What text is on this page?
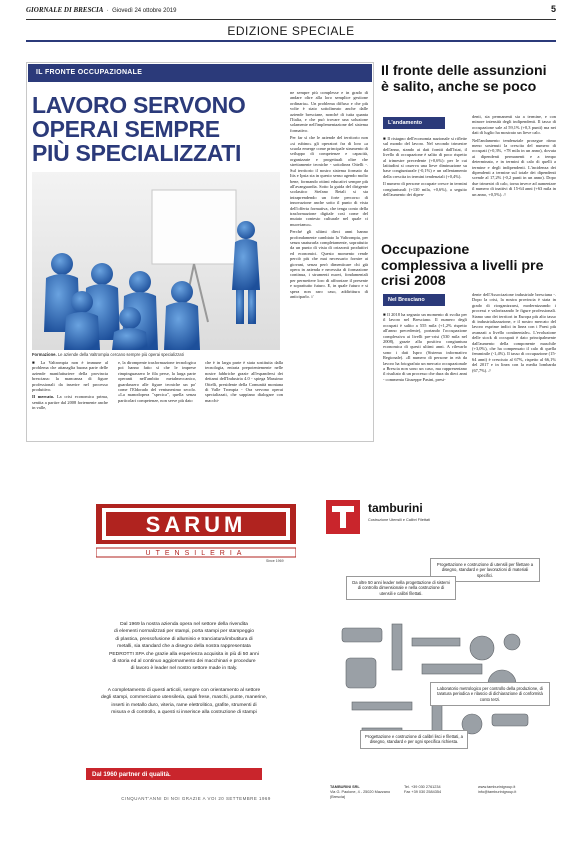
GIORNALE DI BRESCIA  ·  Giovedì 24 ottobre 2019	5
EDIZIONE SPECIALE
IL FRONTE OCCUPAZIONALE
LAVORO SERVONO
OPERAI SEMPRE
PIÙ SPECIALIZZATI
Formazione. Le aziende della Valtrompia cercano sempre più operai specializzati

■ La Valtrompia non è immune al problema che attanaglia buona parte delle aziende manifatturiere della provincia bresciana: la mancanza di figure professionali da inserire nel processo produttivo.

Il mercato. La crisi economica prima, sentita a partire dal 2008 fortemente anche in valle,

e, la dirompente trasformazione tecnologica poi hanno fatto sì che le imprese rimpinguassero le fila perse, la larga parte operanti nell'ambito metalmeccanico, guardassero alle figure tecniche un po' come l'Eldorado del ventunesimo secolo. «La manodopera "specica", quella senza particolari competenze, non serve più dato

che è in larga parte è stata sostituita dalla tecnologia, entrata prepotentemente nelle nostre fabbriche grazie all'espandersi dei dettami dell'Industria 4.0 - spiega Massimo Ottelli, presidente della Comunità montana di Valle Trompia - Ora servono operai specializzati, che sappiano dialogare con macchi-

ne sempre più complesse e in grado di andare oltre alla loro semplice gestione ordinaria». Un problema diffuso e che più volte è stato sottolineato anche dalle aziende bresciane, nonché di tutta quanta l'Italia, e che può trovare una soluzione solamente nell'implementazione del sistema formativo.

Per far sì che le aziende del territorio non «si rubino» gli operatori fra di loro «a scuola emerge come principale strumento di sviluppo di competenze e capacità, organizzate e progettuali oltre che strettamente tecniche - sottolinea Ottelli -. Sul territorio il nostro sistema formato da Itis e Ipsia sta in questo senso agendo molto bene, formando ottimi educativi sempre più all'avanguardia. Sotto la guida del dirigente scolastico Stefano Retali si sta intraprendendo un forte percorso di innovazione anche sotto il punto di vista dell'offerta formativa, che tenga conto della trasformazione digitale così come del mutato contesto culturale nel quale ci muoviamo».

Perché gli ultimi dieci anni hanno profondamente cambiato la Valtrompia, per senza snaturarla completamente, soprattutto da un punto di vista di orizzonti produttivi ed economici. Questo momento rende perciò più che mai necessario fornire ai giovani, senza però dimenticare chi già opera in azienda e necessita di formazione continua, i strumenti nuovi, fondamentali per permettere loro di affrontare il presente e soprattutto futuro. E, in quale futuro e si spera non raro caso, addirittura di anticiparlo. //

Il fronte delle assunzioni è salito, anche se poco
L'andamento

■ Il ristagno dell'economia nazionale si riflette sul mondo del lavoro. Nel secondo trimestre dell'anno, stando ai dati forniti dall'Istat, il livello di occupazione è salito di poco rispetto al trimestre precedente (+0,6%): per le cui latitudini si osserva una lieve diminuzione su base congiunturale (-0,1%) e un rallentamento della crescita in termini tendenziali (+0,4%).

Il numero di persone occupate cresce in termini congiunturali (+130 mila, +0,6%), a seguito dell'aumento dei dipen-

denti, sia permanenti sia a termine, e con minore intensità degli indipendenti. Il tasso di occupazione sale al 59,1% (+0,3 punti) ma nei dati di luglio ha mostrato un lieve calo.

Nell'andamento tendenziale prosegue ritmo meno sostenuti la crescita del numero di occupati (+0,3%, +78 mila in un anno), dovuta ai dipendenti permanenti e a tempo determinato, e in termini di calo di quelli a termine e degli indipendenti. L'incidenza dei dipendenti a termine sul totale dei dipendenti scende al 17,2% (-0,2 punti in un anno). Dopo due trimestri di calo, torna invece ad aumentare il numero di inattivi di 15-64 anni (+63 mila in un anno, +0,5%). //

Occupazione complessiva a livelli pre crisi 2008
Nel Bresciano

■ Il 2018 ha segnato un momento di svolta per il lavoro nel Bresciano. Il numero degli occupati è salito a 555 mila (+1,2% rispetto all'anno precedente), portando l'occupazione complessiva ai livelli pre-crisi (530 mila nel 2008), grazie alla positiva congiuntura economica di questi ultimi anni. A rilevarlo sono i dati Ispro (Sistema informativo Regionale). «Il numero di persone in età da lavoro ha fotografato un mercato occupazionale a Brescia non sono un caso, ma rappresentano il risultato di un processo che dura da dieci anni - commenta Giuseppe Pasini, presi-

dente dell'Associazione industriale bresciana -. Dopo la crisi, la nostra provincia è stata in grado di riorganizzarsi, modernizzando i processi e valorizzando le figure professionali. Siamo uno dei territori in Europa più alto tasso di industrializzazione, e il nostro mercato del lavoro esprime indici in linea con i Paesi più avanzati a livello continentale». L'evoluzione delle stock di occupati è dato principalmente dall'aumento della componente maschile (+3,0%), che ha compensato il calo di quella femminile (-1,4%). Il tasso di occupazione (15-64 anni) è cresciuto al 67%, rispetto al 66,1% del 2017 e in linea con la media lombarda (67,7%). //

SARUM
UTENSILERIA
Since 1969
Dal 1969 la nostra azienda opera nel settore della rivendita
di elementi normalizzati per stampi, porta stampi per stampeggio
di plastica, pressofusione di alluminio e tranciatura/imbutitura di
metalli, sia standard che a disegno della nostra rappresentata
PEDROTTI SPA che grazie alla esperienza acquisita in più di 50 anni
di storia ed al continuo aggiornamento dei macchinari e procedure
di lavoro è leader nel nostro settore made in Italy.
A completamento di questi articoli, sempre con orientamento al settore
degli stampi, commerciamo utensileria, quali frese, maschi, punte, manerine,
inserti in metallo duro, viteria, rame elettrolitico, grafite, strumenti di
misura e di controllo, a questi si inserisce alla costruzione di stampi
CINQUANT'ANNI DI NOI GRAZIE A VOI 20 SETTEMBRE 1969
tamburini
Costruzione Utensili e Calibri Filettati
Progettazione e costruzione di utensili per filettare a disegno, standard e per lavorazioni di materiali specifici.
Da oltre 50 anni leader nella progettazione di sistemi di controllo dimensionale e nella costruzione di utensili e calibri filettati.
Progettazione e costruzione di calibri lisci e filettati, a disegno, standard e per ogni specifica richiesta.
Laboratorio metrologico per controllo della produzione, di taratura periodica e rilascio di dichiarazione di conformità conto terzi.
Dal 1960 partner di qualità.
TAMBURINI SRL
Via G. Paolone, 4 - 25020 Mazzano (Brescia)
Tel. +39 030 2761234
Fax +39 030 2584354
www.tamburinigroup.it
info@tamburinigroup.it
